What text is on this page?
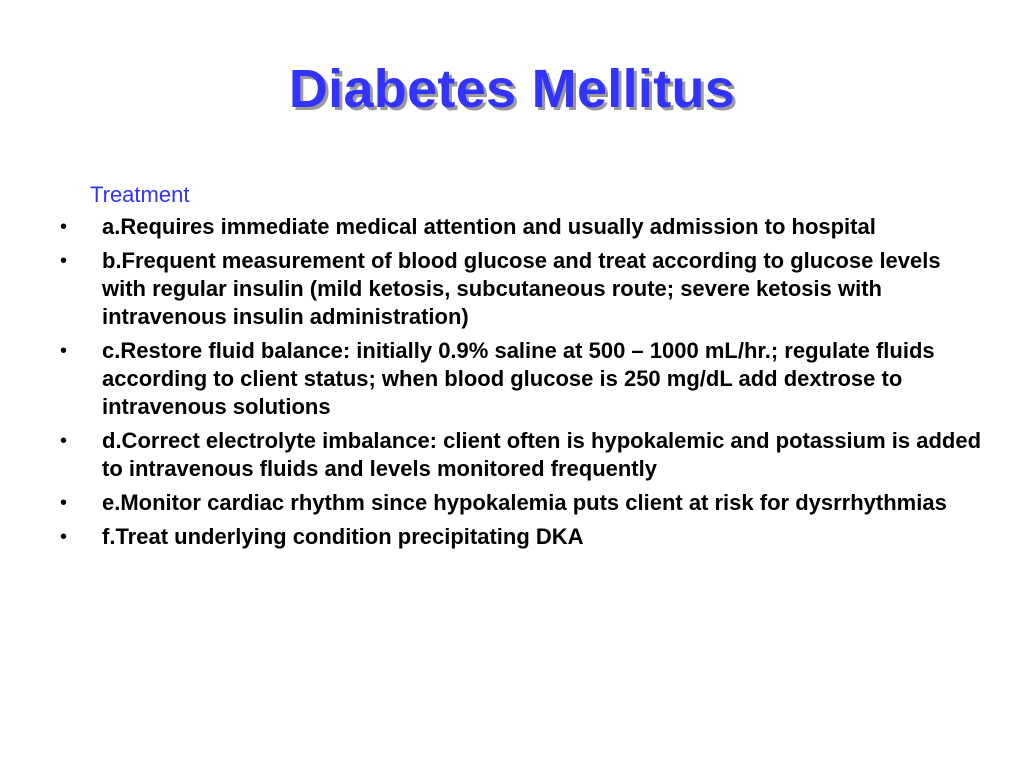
Diabetes Mellitus
Treatment
• a.Requires immediate medical attention and usually admission to hospital
• b.Frequent measurement of blood glucose and treat according to glucose levels with regular insulin (mild ketosis, subcutaneous route; severe ketosis with intravenous insulin administration)
• c.Restore fluid balance: initially 0.9% saline at 500 – 1000 mL/hr.; regulate fluids according to client status; when blood glucose is 250 mg/dL add dextrose to intravenous solutions
• d.Correct electrolyte imbalance: client often is hypokalemic and potassium is added to intravenous fluids and levels monitored frequently
• e.Monitor cardiac rhythm since hypokalemia puts client at risk for dysrrhythmias
• f.Treat underlying condition precipitating DKA
